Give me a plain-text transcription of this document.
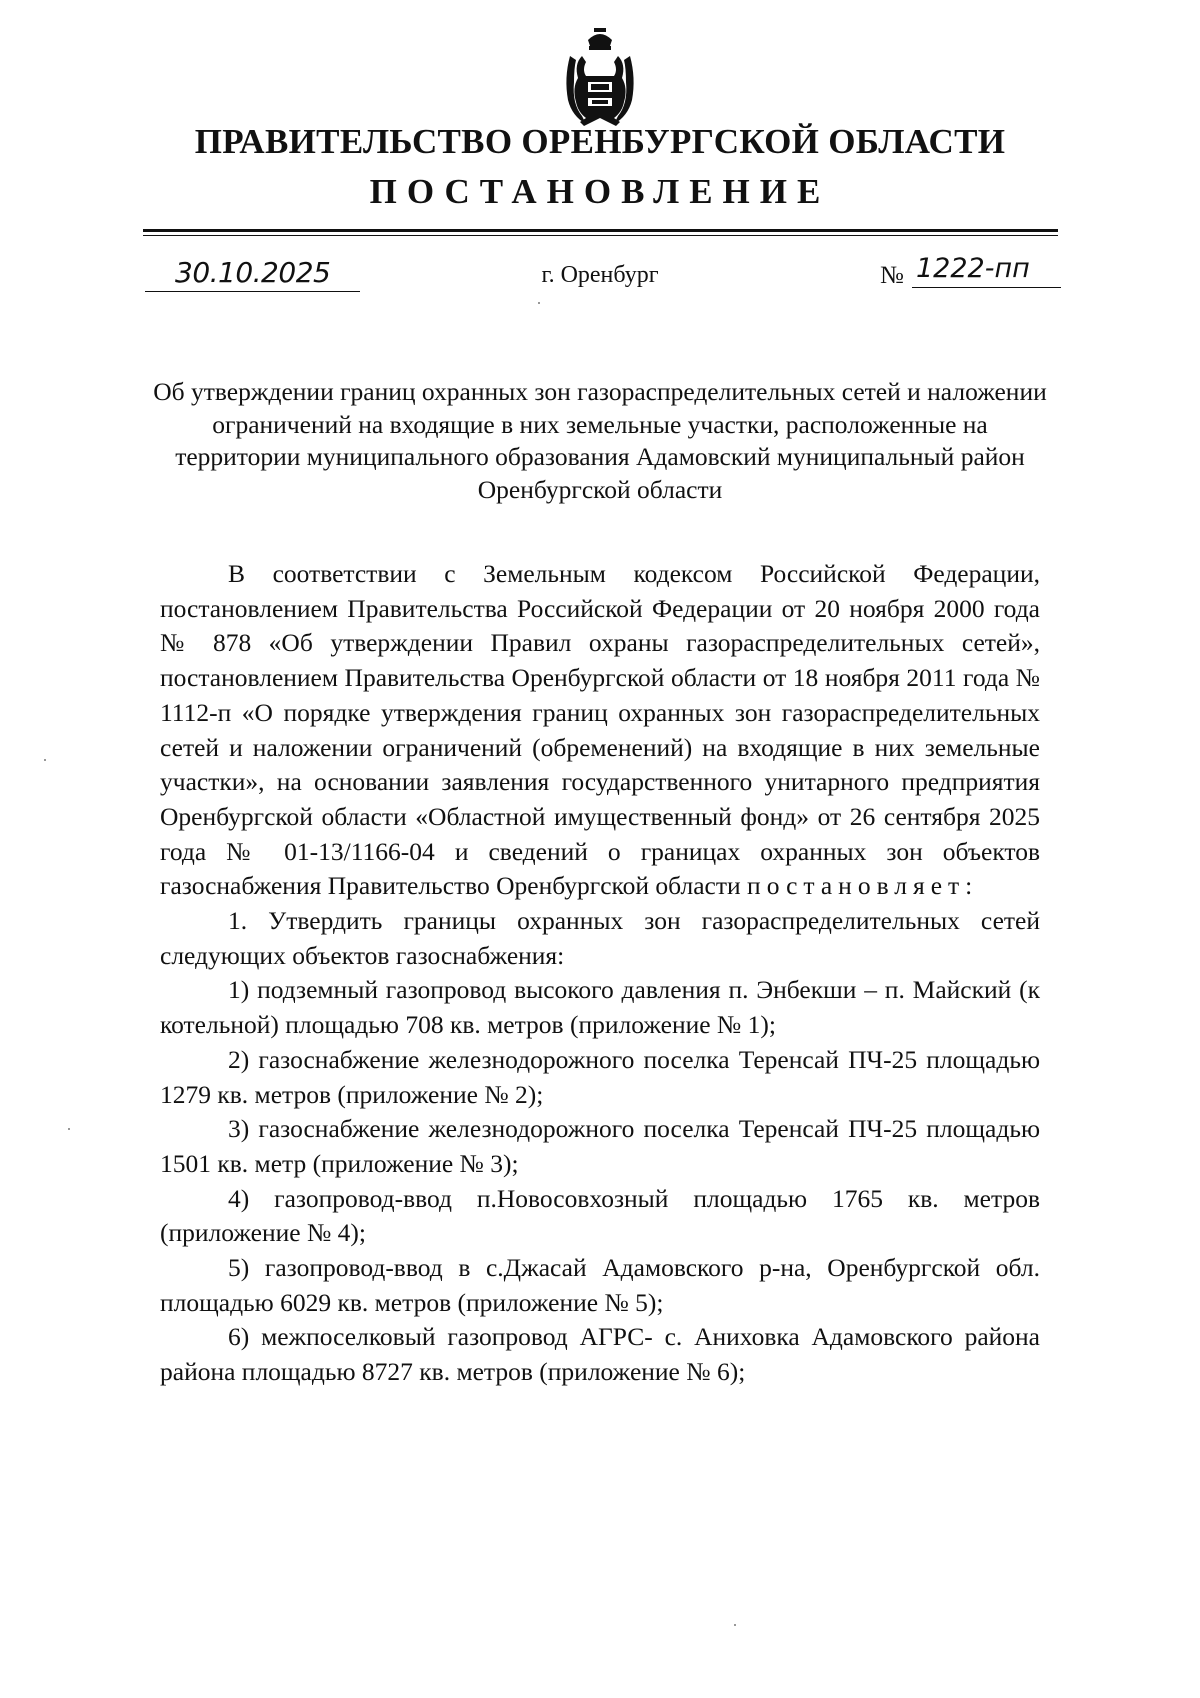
ПРАВИТЕЛЬСТВО ОРЕНБУРГСКОЙ ОБЛАСТИ
ПОСТАНОВЛЕНИЕ
30.10.2025	г. Оренбург	№ 1222-пп
Об утверждении границ охранных зон газораспределительных сетей и наложении ограничений на входящие в них земельные участки, расположенные на территории муниципального образования Адамовский муниципальный район Оренбургской области

В соответствии с Земельным кодексом Российской Федерации, постановлением Правительства Российской Федерации от 20 ноября 2000 года № 878 «Об утверждении Правил охраны газораспределительных сетей», постановлением Правительства Оренбургской области от 18 ноября 2011 года № 1112-п «О порядке утверждения границ охранных зон газораспределительных сетей и наложении ограничений (обременений) на входящие в них земельные участки», на основании заявления государственного унитарного предприятия Оренбургской области «Областной имущественный фонд» от 26 сентября 2025 года № 01-13/1166-04 и сведений о границах охранных зон объектов газоснабжения Правительство Оренбургской области постановляет:

1. Утвердить границы охранных зон газораспределительных сетей следующих объектов газоснабжения:

1) подземный газопровод высокого давления п. Энбекши – п. Майский (к котельной) площадью 708 кв. метров (приложение № 1);

2) газоснабжение железнодорожного поселка Теренсай ПЧ-25 площадью 1279 кв. метров (приложение № 2);

3) газоснабжение железнодорожного поселка Теренсай ПЧ-25 площадью 1501 кв. метр (приложение № 3);

4) газопровод-ввод п.Новосовхозный площадью 1765 кв. метров (приложение № 4);

5) газопровод-ввод в с.Джасай Адамовского р-на, Оренбургской обл. площадью 6029 кв. метров (приложение № 5);

6) межпоселковый газопровод АГРС- с. Аниховка Адамовского района района площадью 8727 кв. метров (приложение № 6);
